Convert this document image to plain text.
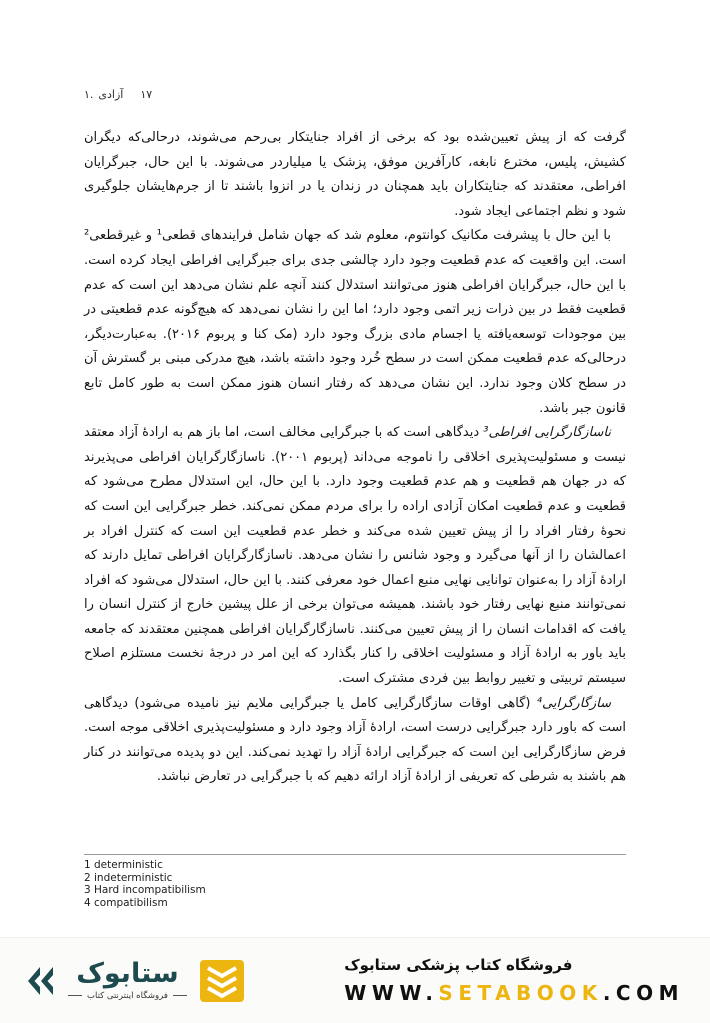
۱. آزادی ۱۷

گرفت که از پیش تعیین‌شده بود که برخی از افراد جنایتکار بی‌رحم می‌شوند، درحالی‌که دیگران کشیش، پلیس، مخترع نابغه، کارآفرین موفق، پزشک یا میلیاردر می‌شوند. با این حال، جبرگرایان افراطی، معتقدند که جنایتکاران باید همچنان در زندان یا در انزوا باشند تا از جرم‌هایشان جلوگیری شود و نظم اجتماعی ایجاد شود.

با این حال با پیشرفت مکانیک کوانتوم، معلوم شد که جهان شامل فرایندهای قطعی¹ و غیرقطعی² است. این واقعیت که عدم قطعیت وجود دارد چالشی جدی برای جبرگرایی افراطی ایجاد کرده است. با این حال، جبرگرایان افراطی هنوز می‌توانند استدلال کنند آنچه علم نشان می‌دهد این است که عدم قطعیت فقط در بین ذرات زیر اتمی وجود دارد؛ اما این را نشان نمی‌دهد که هیچ‌گونه عدم قطعیتی در بین موجودات توسعه‌یافته یا اجسام مادی بزرگ وجود دارد (مک کنا و پربوم ۲۰۱۶). به‌عبارت‌دیگر، درحالی‌که عدم قطعیت ممکن است در سطح خُرد وجود داشته باشد، هیچ مدرکی مبنی بر گسترش آن در سطح کلان وجود ندارد. این نشان می‌دهد که رفتار انسان هنوز ممکن است به طور کامل تابع قانون جبر باشد.

ناسازگارگرایی افراطی³ دیدگاهی است که با جبرگرایی مخالف است، اما باز هم به ارادهٔ آزاد معتقد نیست و مسئولیت‌پذیری اخلاقی را ناموجه می‌داند (پربوم ۲۰۰۱). ناسازگارگرایان افراطی می‌پذیرند که در جهان هم قطعیت و هم عدم قطعیت وجود دارد. با این حال، این استدلال مطرح می‌شود که قطعیت و عدم قطعیت امکان آزادی اراده را برای مردم ممکن نمی‌کند. خطر جبرگرایی این است که نحوهٔ رفتار افراد را از پیش تعیین شده می‌کند و خطر عدم قطعیت این است که کنترل افراد بر اعمالشان را از آنها می‌گیرد و وجود شانس را نشان می‌دهد. ناسازگارگرایان افراطی تمایل دارند که ارادهٔ آزاد را به‌عنوان توانایی نهایی منبع اعمال خود معرفی کنند. با این حال، استدلال می‌شود که افراد نمی‌توانند منبع نهایی رفتار خود باشند. همیشه می‌توان برخی از علل پیشین خارج از کنترل انسان را یافت که اقدامات انسان را از پیش تعیین می‌کنند. ناسازگارگرایان افراطی همچنین معتقدند که جامعه باید باور به ارادهٔ آزاد و مسئولیت اخلاقی را کنار بگذارد که این امر در درجهٔ نخست مستلزم اصلاح سیستم تربیتی و تغییر روابط بین فردی مشترک است.

سازگارگرایی⁴ (گاهی اوقات سازگارگرایی کامل یا جبرگرایی ملایم نیز نامیده می‌شود) دیدگاهی است که باور دارد جبرگرایی درست است، ارادهٔ آزاد وجود دارد و مسئولیت‌پذیری اخلاقی موجه است. فرض سازگارگرایی این است که جبرگرایی ارادهٔ آزاد را تهدید نمی‌کند. این دو پدیده می‌توانند در کنار هم باشند به شرطی که تعریفی از ارادهٔ آزاد ارائه دهیم که با جبرگرایی در تعارض نباشد.

1 deterministic
2 indeterministic
3 Hard incompatibilism
4 compatibilism
ستابوک
فروشگاه اینترنتی کتاب
فروشگاه کتاب پزشکی ستابوک
WWW.SETABOOK.COM
